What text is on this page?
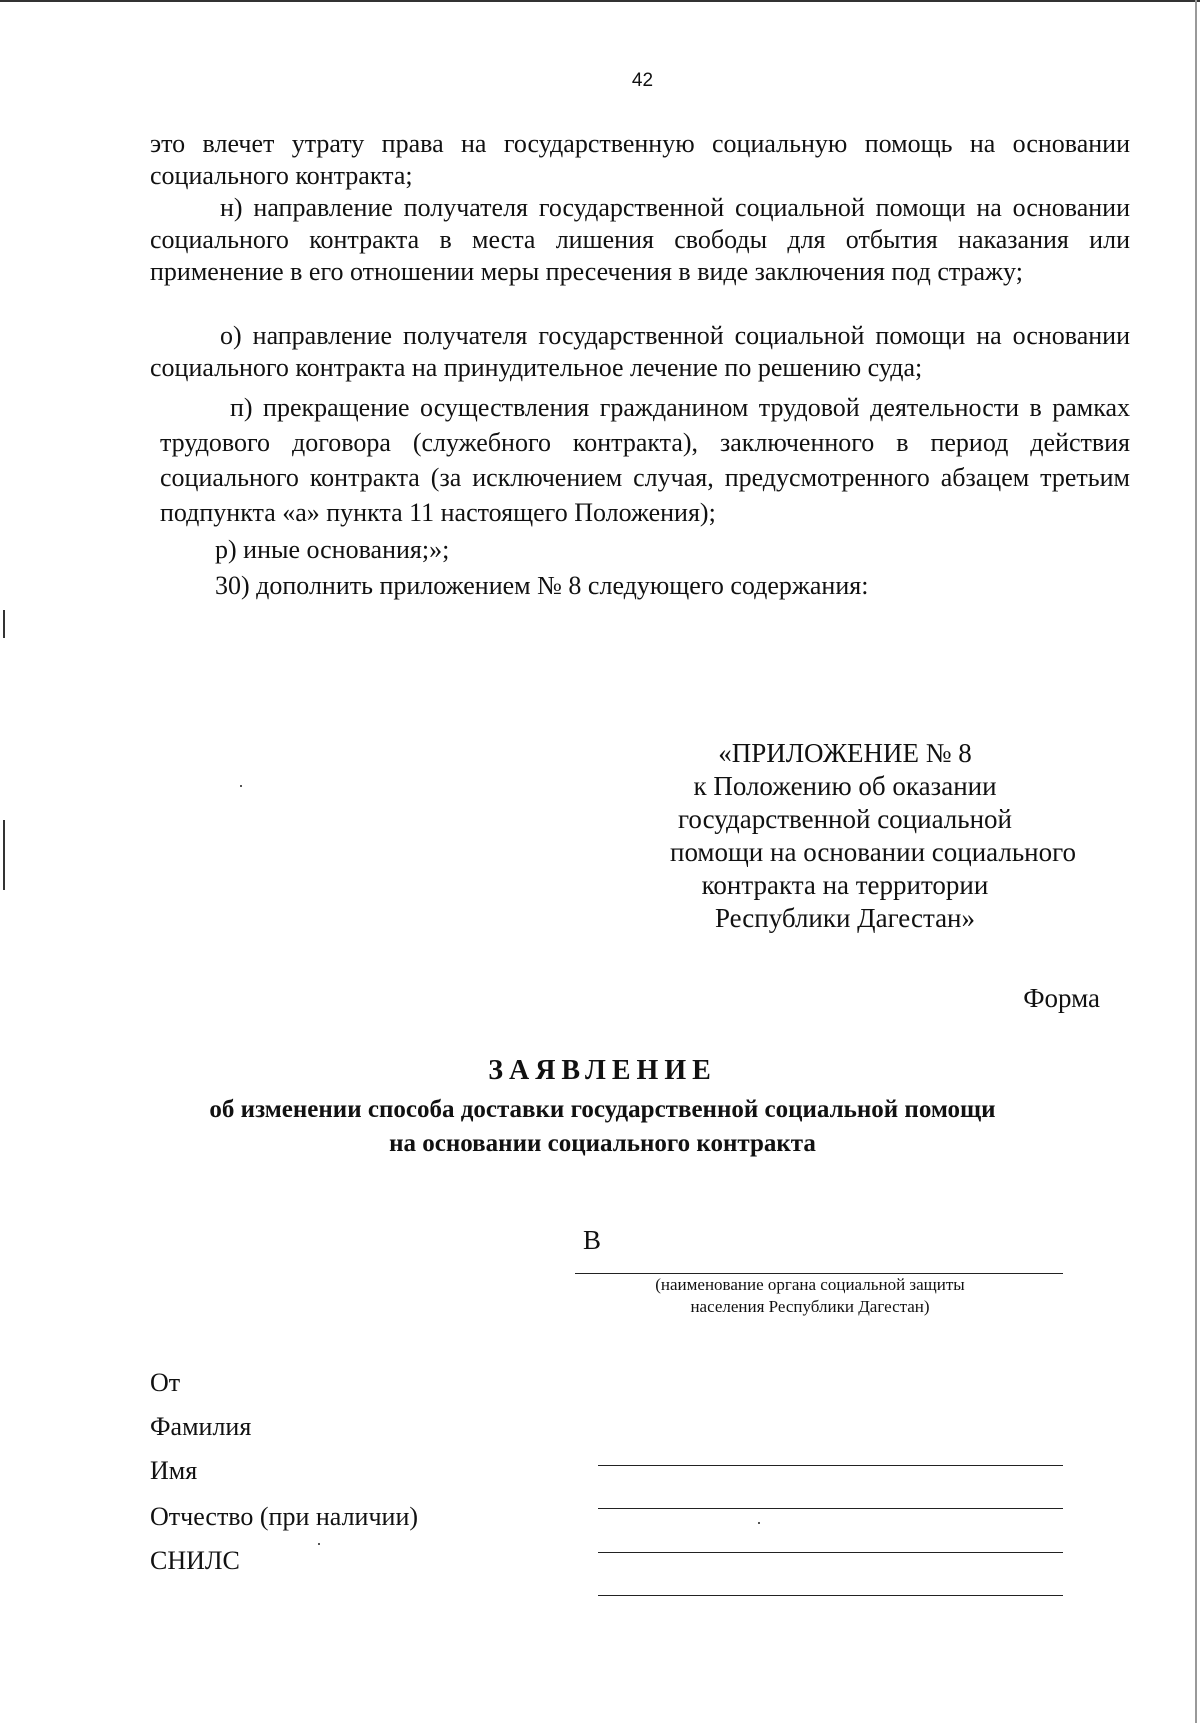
42

это влечет утрату права на государственную социальную помощь на основании социального контракта;

н) направление получателя государственной социальной помощи на основании социального контракта в места лишения свободы для отбытия наказания или применение в его отношении меры пресечения в виде заключения под стражу;

о) направление получателя государственной социальной помощи на основании социального контракта на принудительное лечение по решению суда;

п) прекращение осуществления гражданином трудовой деятельности в рамках трудового договора (служебного контракта), заключенного в период действия социального контракта (за исключением случая, предусмотренного абзацем третьим подпункта «а» пункта 11 настоящего Положения);

р) иные основания;»;

30) дополнить приложением № 8 следующего содержания:

«ПРИЛОЖЕНИЕ № 8
к Положению об оказании
государственной социальной
помощи на основании социального
контракта на территории
Республики Дагестан»
Форма
ЗАЯВЛЕНИЕ
об изменении способа доставки государственной социальной помощи
на основании социального контракта
В
(наименование органа социальной защиты
населения Республики Дагестан)
От
Фамилия
Имя
Отчество (при наличии)
СНИЛС
